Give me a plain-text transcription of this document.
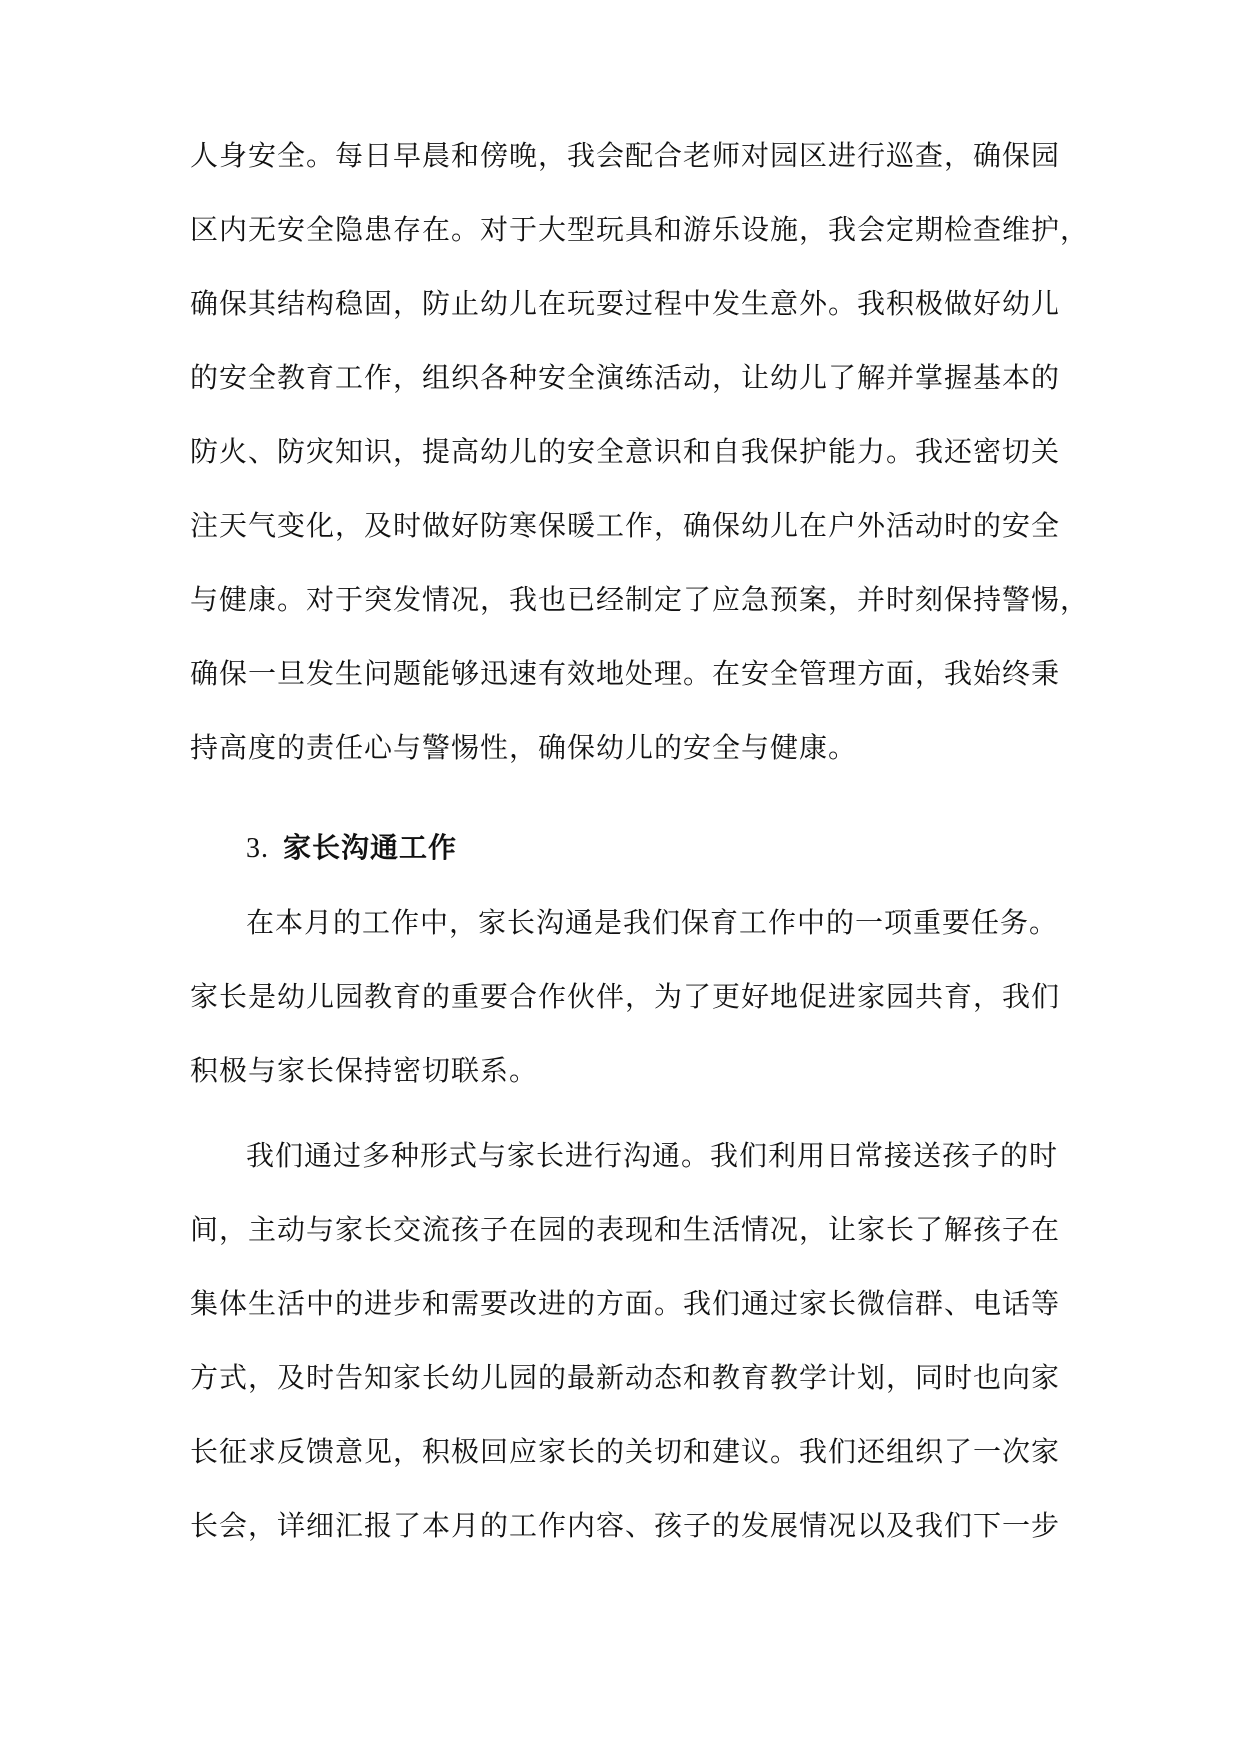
人身安全。每日早晨和傍晚，我会配合老师对园区进行巡查，确保园
区内无安全隐患存在。对于大型玩具和游乐设施，我会定期检查维护，
确保其结构稳固，防止幼儿在玩耍过程中发生意外。我积极做好幼儿
的安全教育工作，组织各种安全演练活动，让幼儿了解并掌握基本的
防火、防灾知识，提高幼儿的安全意识和自我保护能力。我还密切关
注天气变化，及时做好防寒保暖工作，确保幼儿在户外活动时的安全
与健康。对于突发情况，我也已经制定了应急预案，并时刻保持警惕，
确保一旦发生问题能够迅速有效地处理。在安全管理方面，我始终秉
持高度的责任心与警惕性，确保幼儿的安全与健康。
3. 家长沟通工作
在本月的工作中，家长沟通是我们保育工作中的一项重要任务。
家长是幼儿园教育的重要合作伙伴，为了更好地促进家园共育，我们
积极与家长保持密切联系。
我们通过多种形式与家长进行沟通。我们利用日常接送孩子的时
间，主动与家长交流孩子在园的表现和生活情况，让家长了解孩子在
集体生活中的进步和需要改进的方面。我们通过家长微信群、电话等
方式，及时告知家长幼儿园的最新动态和教育教学计划，同时也向家
长征求反馈意见，积极回应家长的关切和建议。我们还组织了一次家
长会，详细汇报了本月的工作内容、孩子的发展情况以及我们下一步
